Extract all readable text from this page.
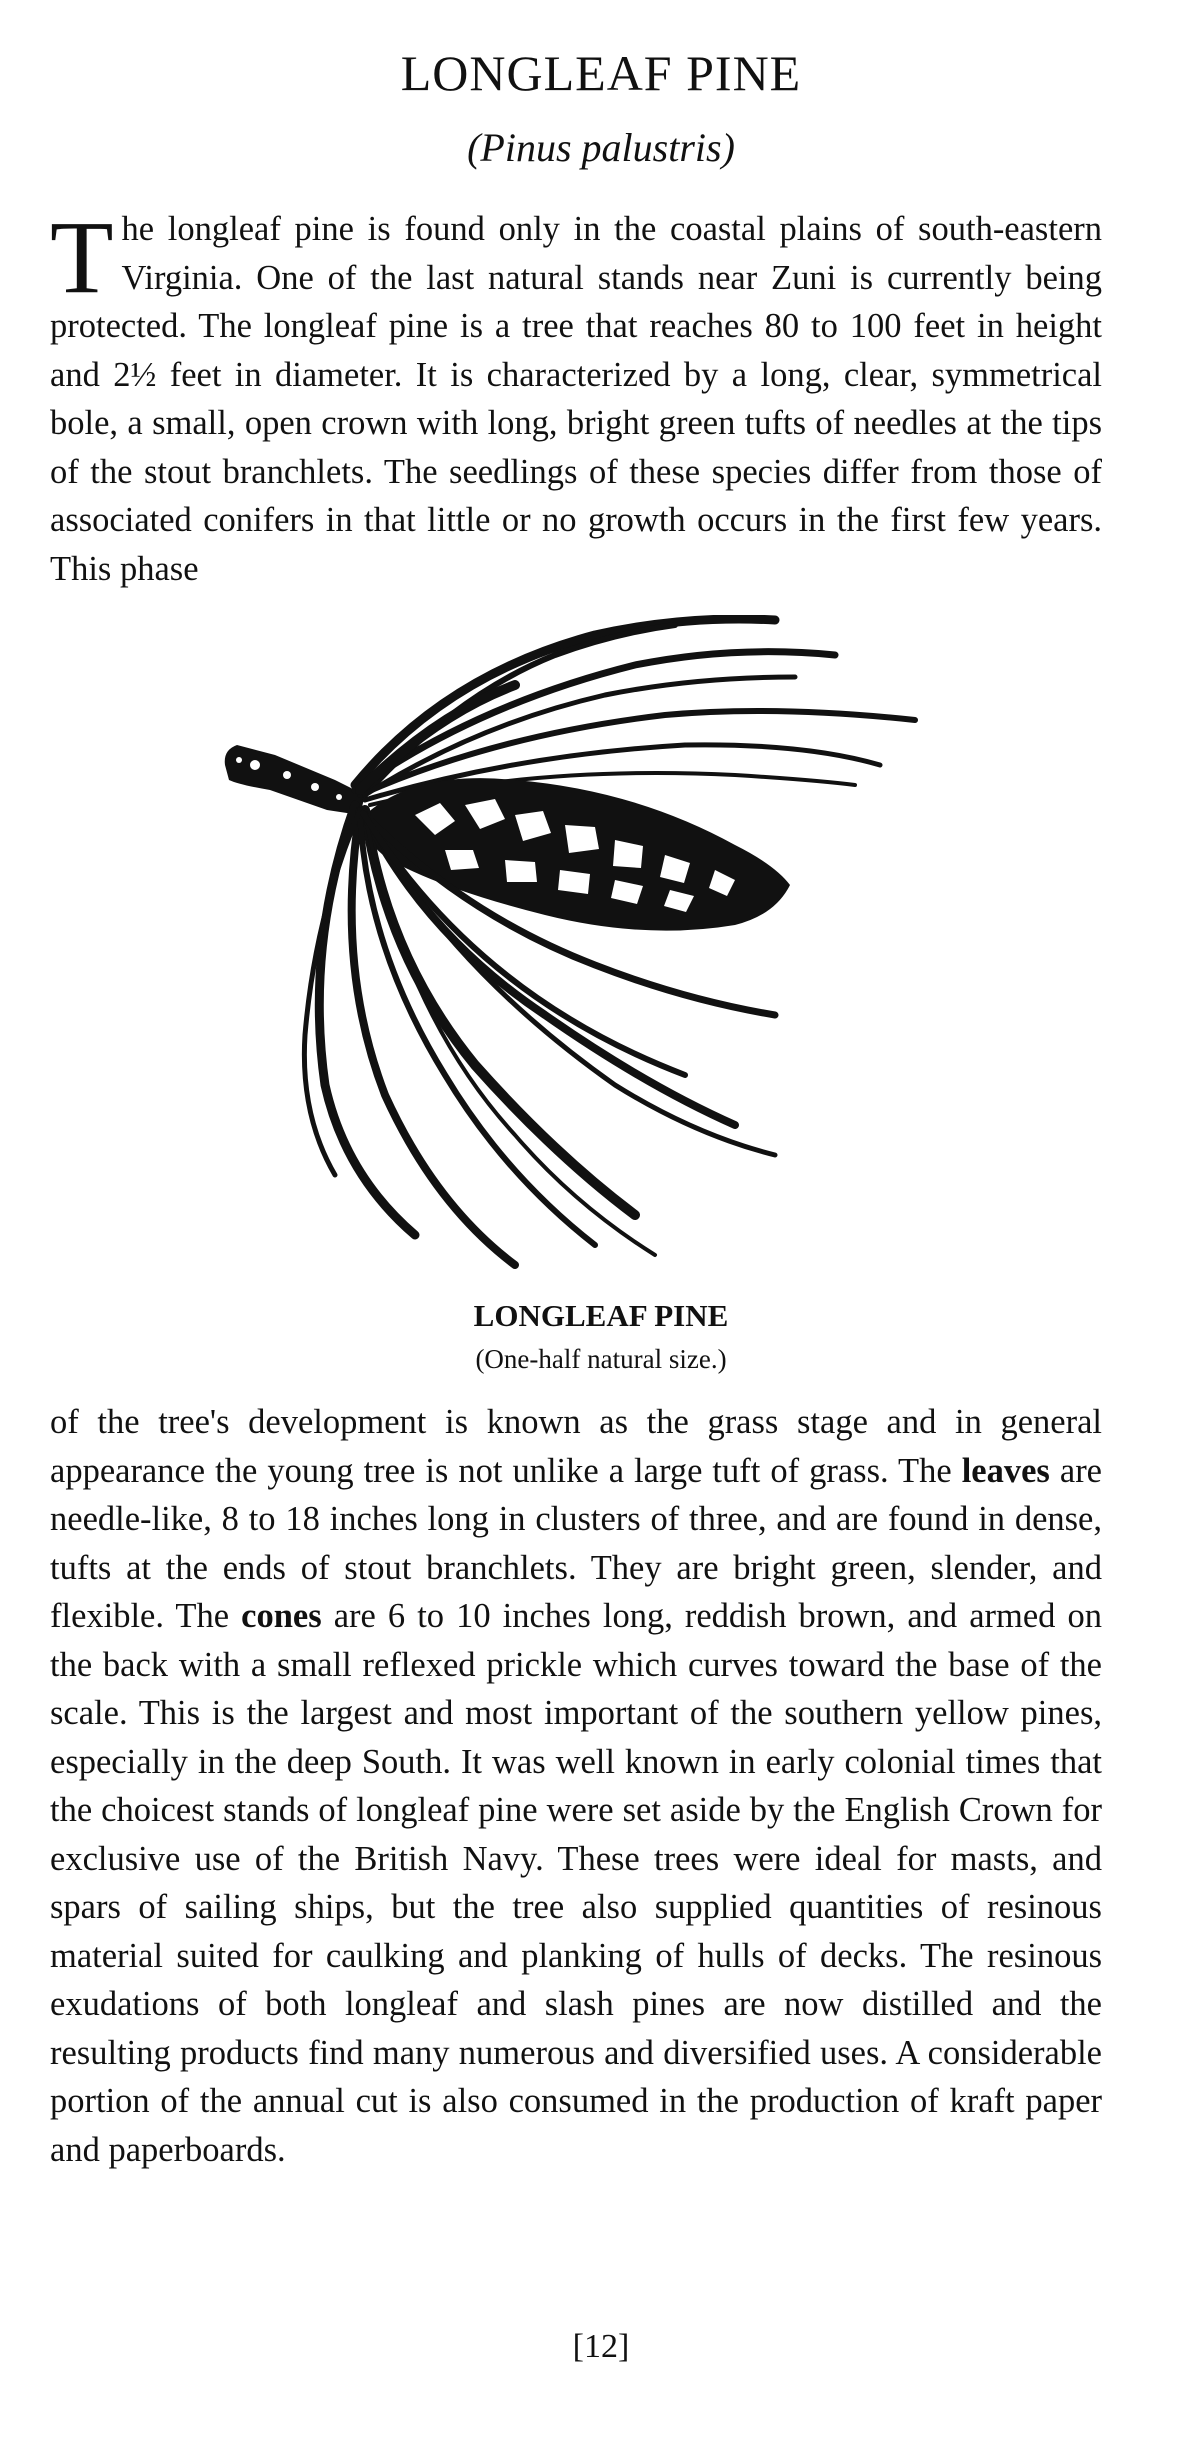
LONGLEAF PINE

(Pinus palustris)

The longleaf pine is found only in the coastal plains of south-eastern Virginia. One of the last natural stands near Zuni is currently being protected. The longleaf pine is a tree that reaches 80 to 100 feet in height and 2½ feet in diameter. It is characterized by a long, clear, symmetrical bole, a small, open crown with long, bright green tufts of needles at the tips of the stout branchlets. The seedlings of these species differ from those of associated conifers in that little or no growth occurs in the first few years. This phase

LONGLEAF PINE

(One-half natural size.)

of the tree's development is known as the grass stage and in general appearance the young tree is not unlike a large tuft of grass. The leaves are needle-like, 8 to 18 inches long in clusters of three, and are found in dense, tufts at the ends of stout branchlets. They are bright green, slender, and flexible. The cones are 6 to 10 inches long, reddish brown, and armed on the back with a small reflexed prickle which curves toward the base of the scale. This is the largest and most important of the southern yellow pines, especially in the deep South. It was well known in early colonial times that the choicest stands of longleaf pine were set aside by the English Crown for exclusive use of the British Navy. These trees were ideal for masts, and spars of sailing ships, but the tree also supplied quantities of resinous material suited for caulking and planking of hulls of decks. The resinous exudations of both longleaf and slash pines are now distilled and the resulting products find many numerous and diversified uses. A considerable portion of the annual cut is also consumed in the production of kraft paper and paperboards.

[12]
